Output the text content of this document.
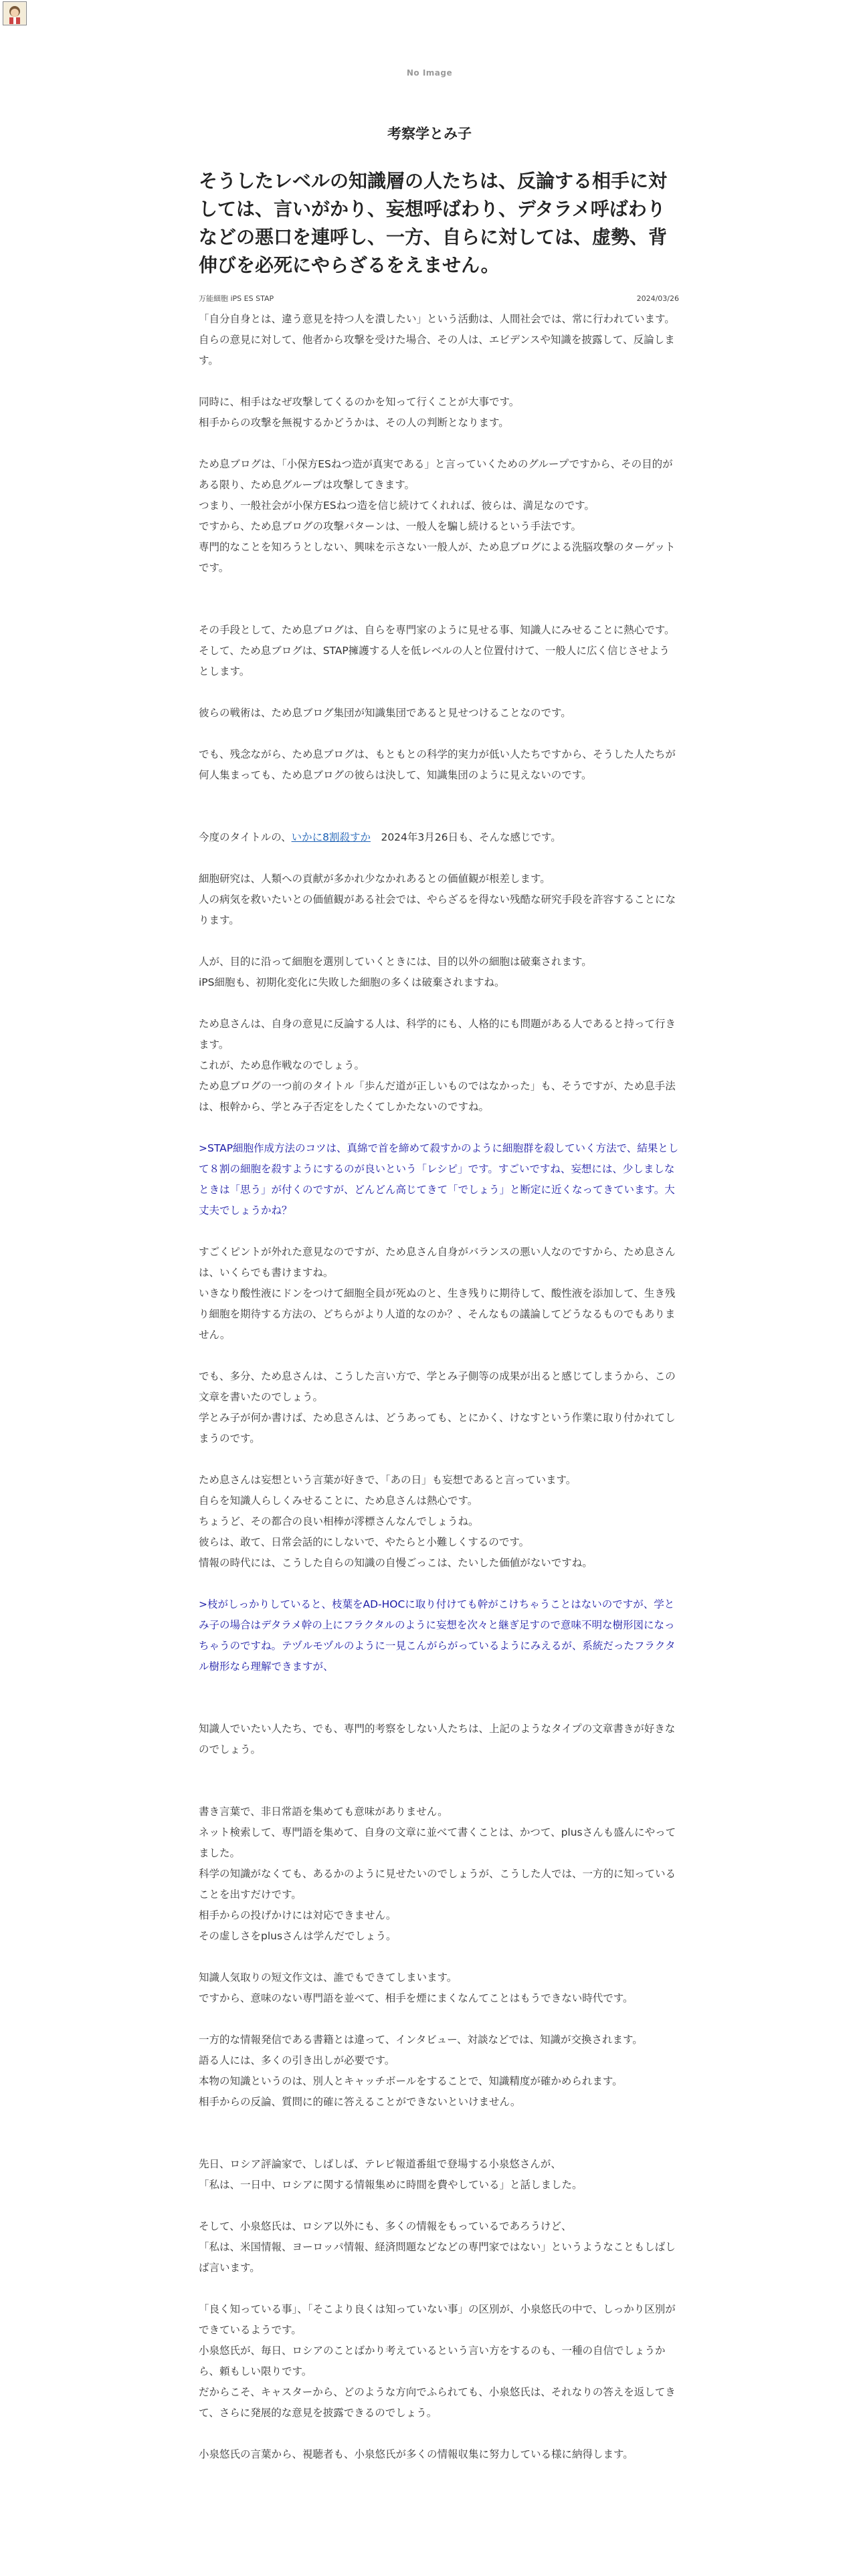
No Image
考察学とみ子
そうしたレベルの知識層の人たちは、反論する相手に対しては、言いがかり、妄想呼ばわり、デタラメ呼ばわりなどの悪口を連呼し、一方、自らに対しては、虚勢、背伸びを必死にやらざるをえません。
万能細胞 iPS ES STAP	2024/03/26

「自分自身とは、違う意見を持つ人を潰したい」という活動は、人間社会では、常に行われています。
自らの意見に対して、他者から攻撃を受けた場合、その人は、エビデンスや知識を披露して、反論します。

同時に、相手はなぜ攻撃してくるのかを知って行くことが大事です。
相手からの攻撃を無視するかどうかは、その人の判断となります。

ため息ブログは、「小保方ESねつ造が真実である」と言っていくためのグループですから、その目的がある限り、ため息グループは攻撃してきます。
つまり、一般社会が小保方ESねつ造を信じ続けてくれれば、彼らは、満足なのです。
ですから、ため息ブログの攻撃パターンは、一般人を騙し続けるという手法です。
専門的なことを知ろうとしない、興味を示さない一般人が、ため息ブログによる洗脳攻撃のターゲットです。

その手段として、ため息ブログは、自らを専門家のように見せる事、知識人にみせることに熱心です。
そして、ため息ブログは、STAP擁護する人を低レベルの人と位置付けて、一般人に広く信じさせようとします。

彼らの戦術は、ため息ブログ集団が知識集団であると見せつけることなのです。

でも、残念ながら、ため息ブログは、もともとの科学的実力が低い人たちですから、そうした人たちが何人集まっても、ため息ブログの彼らは決して、知識集団のように見えないのです。

今度のタイトルの、いかに8割殺すか　2024年3月26日も、そんな感じです。

細胞研究は、人類への貢献が多かれ少なかれあるとの価値観が根差します。
人の病気を救いたいとの価値観がある社会では、やらざるを得ない残酷な研究手段を許容することになります。

人が、目的に沿って細胞を選別していくときには、目的以外の細胞は破棄されます。
iPS細胞も、初期化変化に失敗した細胞の多くは破棄されますね。

ため息さんは、自身の意見に反論する人は、科学的にも、人格的にも問題がある人であると持って行きます。
これが、ため息作戦なのでしょう。
ため息ブログの一つ前のタイトル「歩んだ道が正しいものではなかった」も、そうですが、ため息手法は、根幹から、学とみ子否定をしたくてしかたないのですね。

>STAP細胞作成方法のコツは、真綿で首を締めて殺すかのように細胞群を殺していく方法で、結果として８割の細胞を殺すようにするのが良いという「レシピ」です。すごいですね、妄想には、少しましなときは「思う」が付くのですが、どんどん高じてきて「でしょう」と断定に近くなってきています。大丈夫でしょうかね？

すごくピントが外れた意見なのですが、ため息さん自身がバランスの悪い人なのですから、ため息さんは、いくらでも書けますね。
いきなり酸性液にドンをつけて細胞全員が死ぬのと、生き残りに期待して、酸性液を添加して、生き残り細胞を期待する方法の、どちらがより人道的なのか？、そんなもの議論してどうなるものでもありません。

でも、多分、ため息さんは、こうした言い方で、学とみ子側等の成果が出ると感じてしまうから、この文章を書いたのでしょう。
学とみ子が何か書けば、ため息さんは、どうあっても、とにかく、けなすという作業に取り付かれてしまうのです。

ため息さんは妄想という言葉が好きで、「あの日」も妄想であると言っています。
自らを知識人らしくみせることに、ため息さんは熱心です。
ちょうど、その都合の良い相棒が澪標さんなんでしょうね。
彼らは、敢て、日常会話的にしないで、やたらと小難しくするのです。
情報の時代には、こうした自らの知識の自慢ごっこは、たいした価値がないですね。

>枝がしっかりしていると、枝葉をAD-HOCに取り付けても幹がこけちゃうことはないのですが、学とみ子の場合はデタラメ幹の上にフラクタルのように妄想を次々と継ぎ足すので意味不明な樹形図になっちゃうのですね。テヅルモヅルのように一見こんがらがっているようにみえるが、系統だったフラクタル樹形なら理解できますが、

知識人でいたい人たち、でも、専門的考察をしない人たちは、上記のようなタイプの文章書きが好きなのでしょう。

書き言葉で、非日常語を集めても意味がありません。
ネット検索して、専門語を集めて、自身の文章に並べて書くことは、かつて、plusさんも盛んにやってました。
科学の知識がなくても、あるかのように見せたいのでしょうが、こうした人では、一方的に知っていることを出すだけです。
相手からの投げかけには対応できません。
その虚しさをplusさんは学んだでしょう。

知識人気取りの短文作文は、誰でもできてしまいます。
ですから、意味のない専門語を並べて、相手を煙にまくなんてことはもうできない時代です。

一方的な情報発信である書籍とは違って、インタビュー、対談などでは、知識が交換されます。
語る人には、多くの引き出しが必要です。
本物の知識というのは、別人とキャッチボールをすることで、知識精度が確かめられます。
相手からの反論、質問に的確に答えることができないといけません。

先日、ロシア評論家で、しばしば、テレビ報道番組で登場する小泉悠さんが、
「私は、一日中、ロシアに関する情報集めに時間を費やしている」と話しました。

そして、小泉悠氏は、ロシア以外にも、多くの情報をもっているであろうけど、
「私は、米国情報、ヨーロッパ情報、経済問題などなどの専門家ではない」というようなこともしばしば言います。

「良く知っている事」、「そこより良くは知っていない事」の区別が、小泉悠氏の中で、しっかり区別ができているようです。
小泉悠氏が、毎日、ロシアのことばかり考えているという言い方をするのも、一種の自信でしょうから、頼もしい限りです。
だからこそ、キャスターから、どのような方向でふられても、小泉悠氏は、それなりの答えを返してきて、さらに発展的な意見を披露できるのでしょう。

小泉悠氏の言葉から、視聴者も、小泉悠氏が多くの情報収集に努力している様に納得します。
